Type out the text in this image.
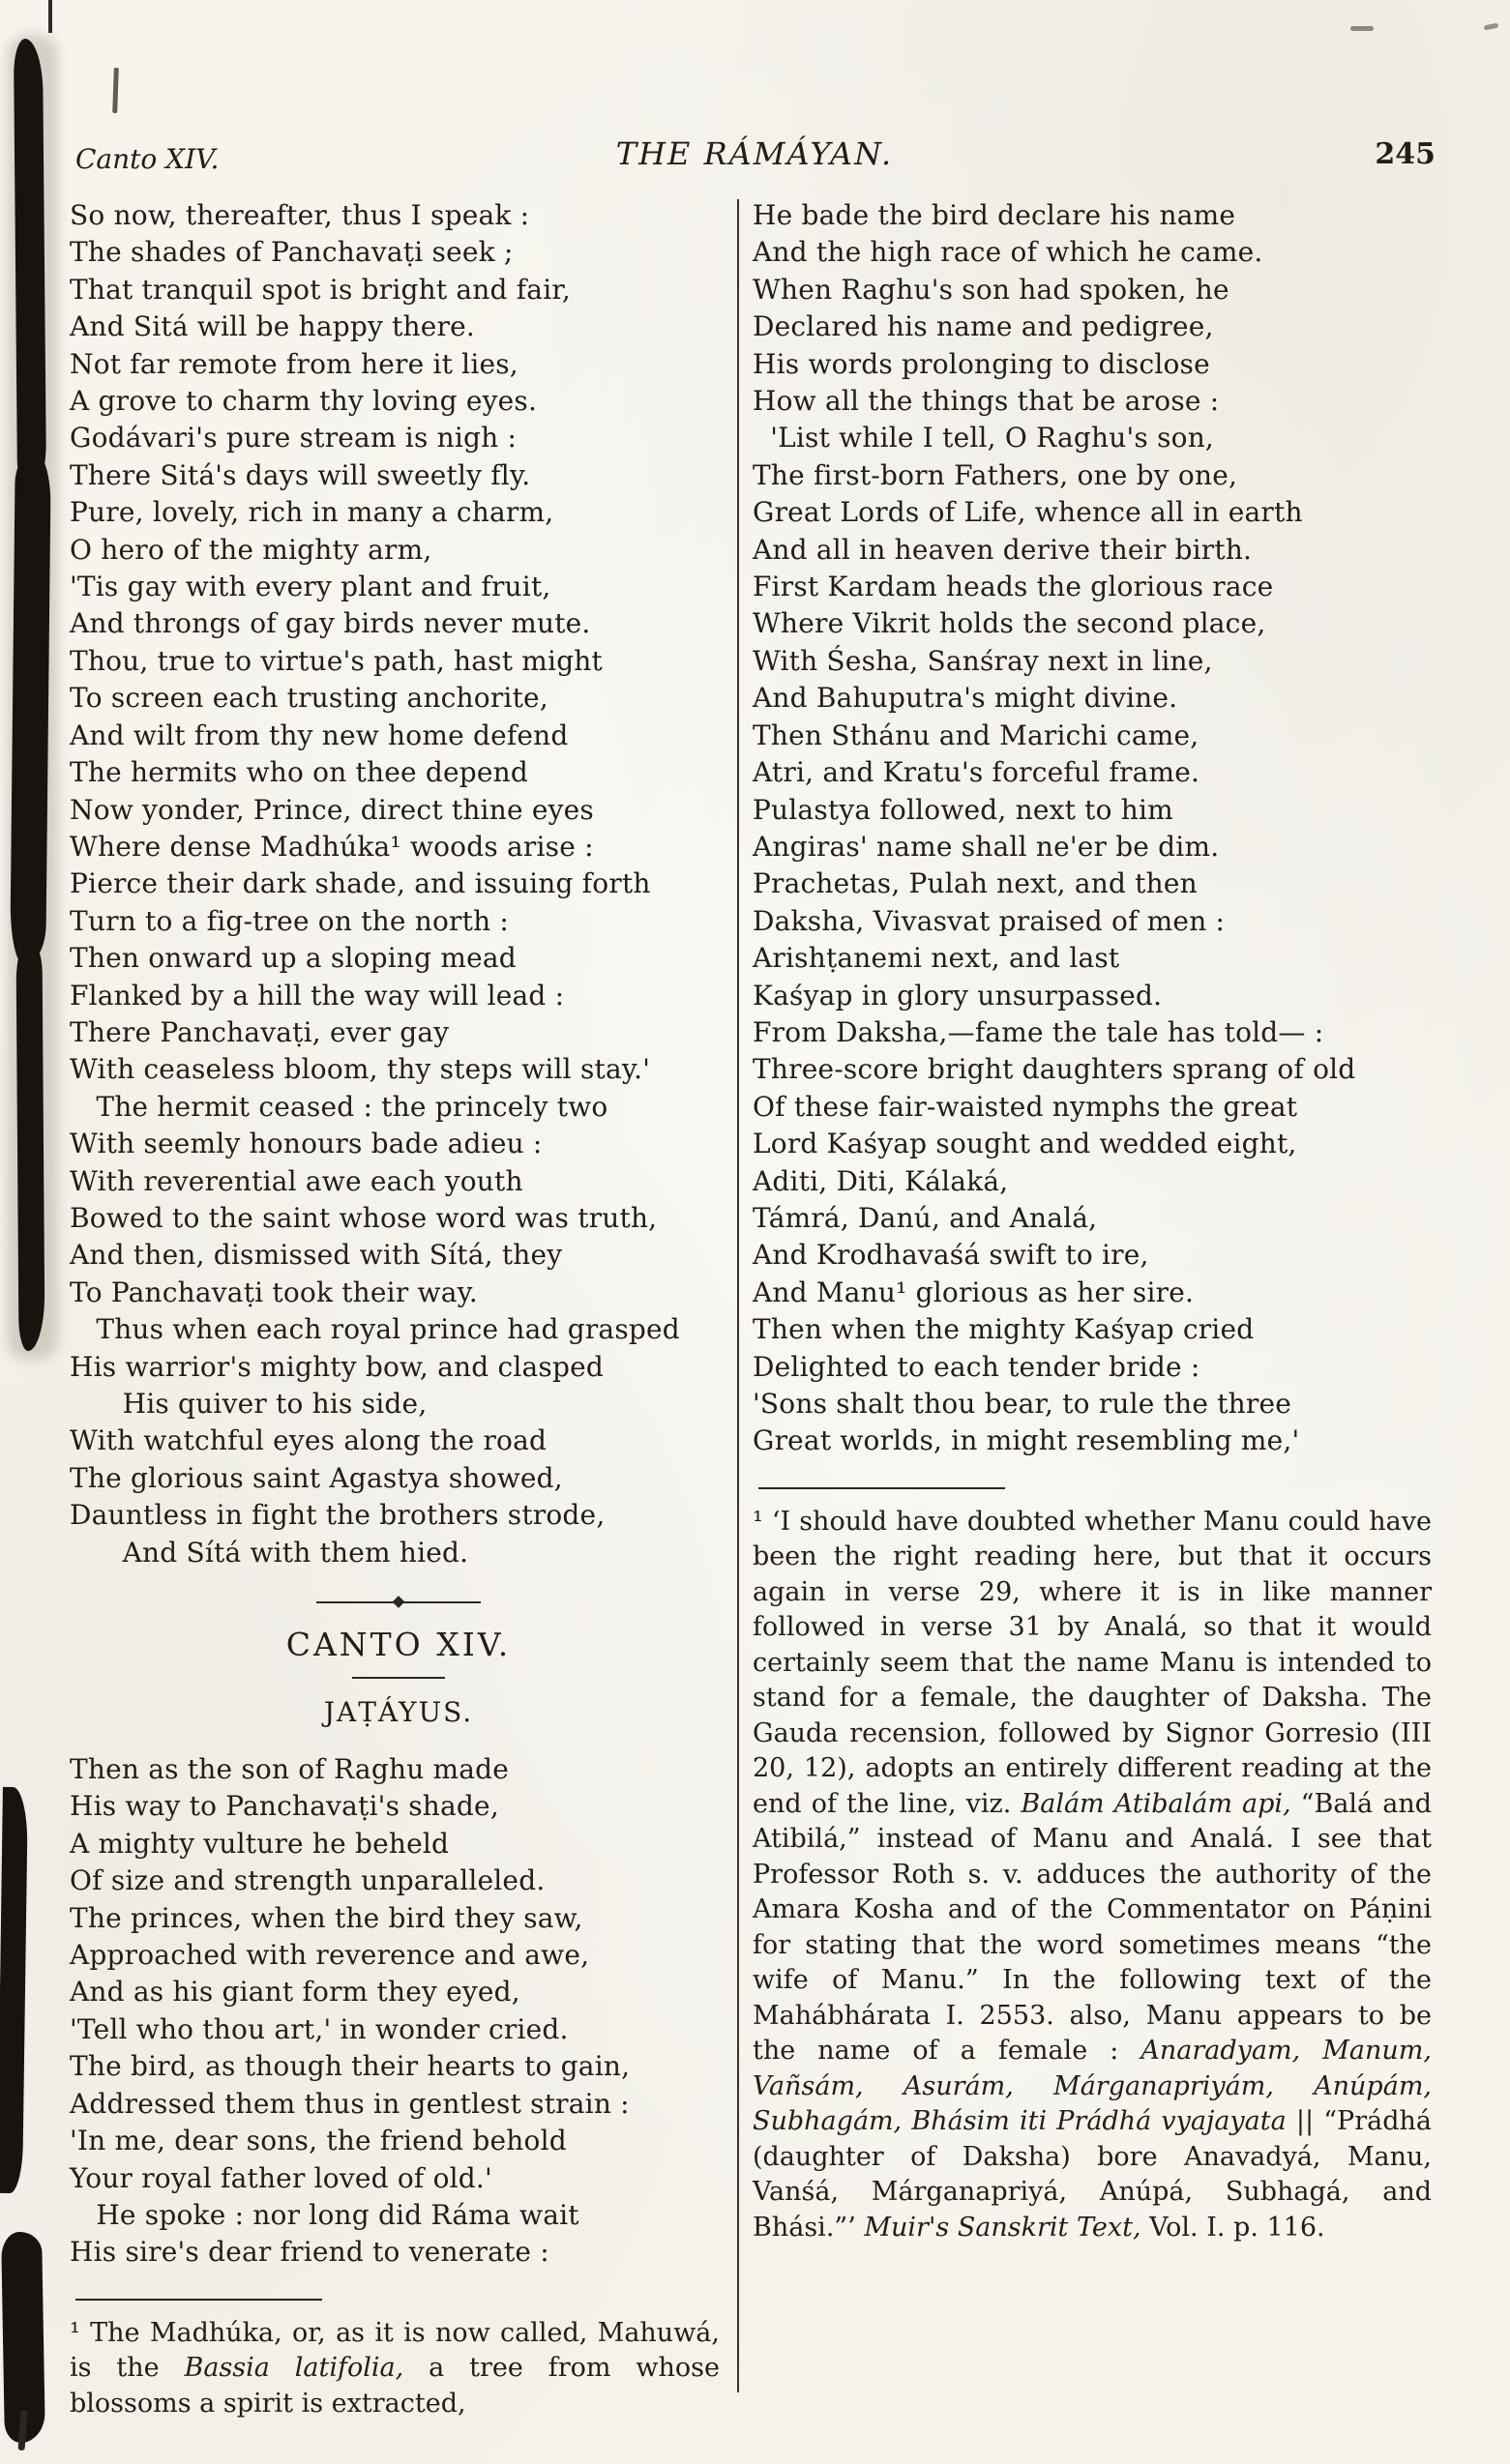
Canto XIV.	THE RÁMÁYAN.	245
So now, thereafter, thus I speak :
The shades of Panchavaṭi seek ;
That tranquil spot is bright and fair,
And Sitá will be happy there.
Not far remote from here it lies,
A grove to charm thy loving eyes.
Godávari's pure stream is nigh :
There Sitá's days will sweetly fly.
Pure, lovely, rich in many a charm,
O hero of the mighty arm,
'Tis gay with every plant and fruit,
And throngs of gay birds never mute.
Thou, true to virtue's path, hast might
To screen each trusting anchorite,
And wilt from thy new home defend
The hermits who on thee depend
Now yonder, Prince, direct thine eyes
Where dense Madhúka¹ woods arise :
Pierce their dark shade, and issuing forth
Turn to a fig-tree on the north :
Then onward up a sloping mead
Flanked by a hill the way will lead :
There Panchavaṭi, ever gay
With ceaseless bloom, thy steps will stay.'
The hermit ceased : the princely two
With seemly honours bade adieu :
With reverential awe each youth
Bowed to the saint whose word was truth,
And then, dismissed with Sítá, they
To Panchavaṭi took their way.
Thus when each royal prince had grasped
His warrior's mighty bow, and clasped
His quiver to his side,
With watchful eyes along the road
The glorious saint Agastya showed,
Dauntless in fight the brothers strode,
And Sítá with them hied.
CANTO XIV.
JAṬÁYUS.
Then as the son of Raghu made
His way to Panchavaṭi's shade,
A mighty vulture he beheld
Of size and strength unparalleled.
The princes, when the bird they saw,
Approached with reverence and awe,
And as his giant form they eyed,
'Tell who thou art,' in wonder cried.
The bird, as though their hearts to gain,
Addressed them thus in gentlest strain :
'In me, dear sons, the friend behold
Your royal father loved of old.'
He spoke : nor long did Ráma wait
His sire's dear friend to venerate :
¹ The Madhúka, or, as it is now called, Mahuwá, is the Bassia latifolia, a tree from whose blossoms a spirit is extracted,
He bade the bird declare his name
And the high race of which he came.
When Raghu's son had spoken, he
Declared his name and pedigree,
His words prolonging to disclose
How all the things that be arose :
'List while I tell, O Raghu's son,
The first-born Fathers, one by one,
Great Lords of Life, whence all in earth
And all in heaven derive their birth.
First Kardam heads the glorious race
Where Vikrit holds the second place,
With Śesha, Sanśray next in line,
And Bahuputra's might divine.
Then Sthánu and Marichi came,
Atri, and Kratu's forceful frame.
Pulastya followed, next to him
Angiras' name shall ne'er be dim.
Prachetas, Pulah next, and then
Daksha, Vivasvat praised of men :
Arishṭanemi next, and last
Kaśyap in glory unsurpassed.
From Daksha,—fame the tale has told— :
Three-score bright daughters sprang of old
Of these fair-waisted nymphs the great
Lord Kaśyap sought and wedded eight,
Aditi, Diti, Kálaká,
Támrá, Danú, and Analá,
And Krodhavaśá swift to ire,
And Manu¹ glorious as her sire.
Then when the mighty Kaśyap cried
Delighted to each tender bride :
'Sons shalt thou bear, to rule the three
Great worlds, in might resembling me,'
¹ ‘I should have doubted whether Manu could have been the right reading here, but that it occurs again in verse 29, where it is in like manner followed in verse 31 by Analá, so that it would certainly seem that the name Manu is intended to stand for a female, the daughter of Daksha. The Gauda recension, followed by Signor Gorresio (III 20, 12), adopts an entirely different reading at the end of the line, viz. Balám Atibalám api, “Balá and Atibilá,” instead of Manu and Analá. I see that Professor Roth s. v. adduces the authority of the Amara Kosha and of the Commentator on Páṇini for stating that the word sometimes means “the wife of Manu.” In the following text of the Mahábhárata I. 2553. also, Manu appears to be the name of a female : Anaradyam, Manum, Vañsám, Asurám, Márganapriyám, Anúpám, Subhagám, Bhásim iti Prádhá vyajayata || “Prádhá (daughter of Daksha) bore Anavadyá, Manu, Vanśá, Márganapriyá, Anúpá, Subhagá, and Bhási.”’ Muir's Sanskrit Text, Vol. I. p. 116.
